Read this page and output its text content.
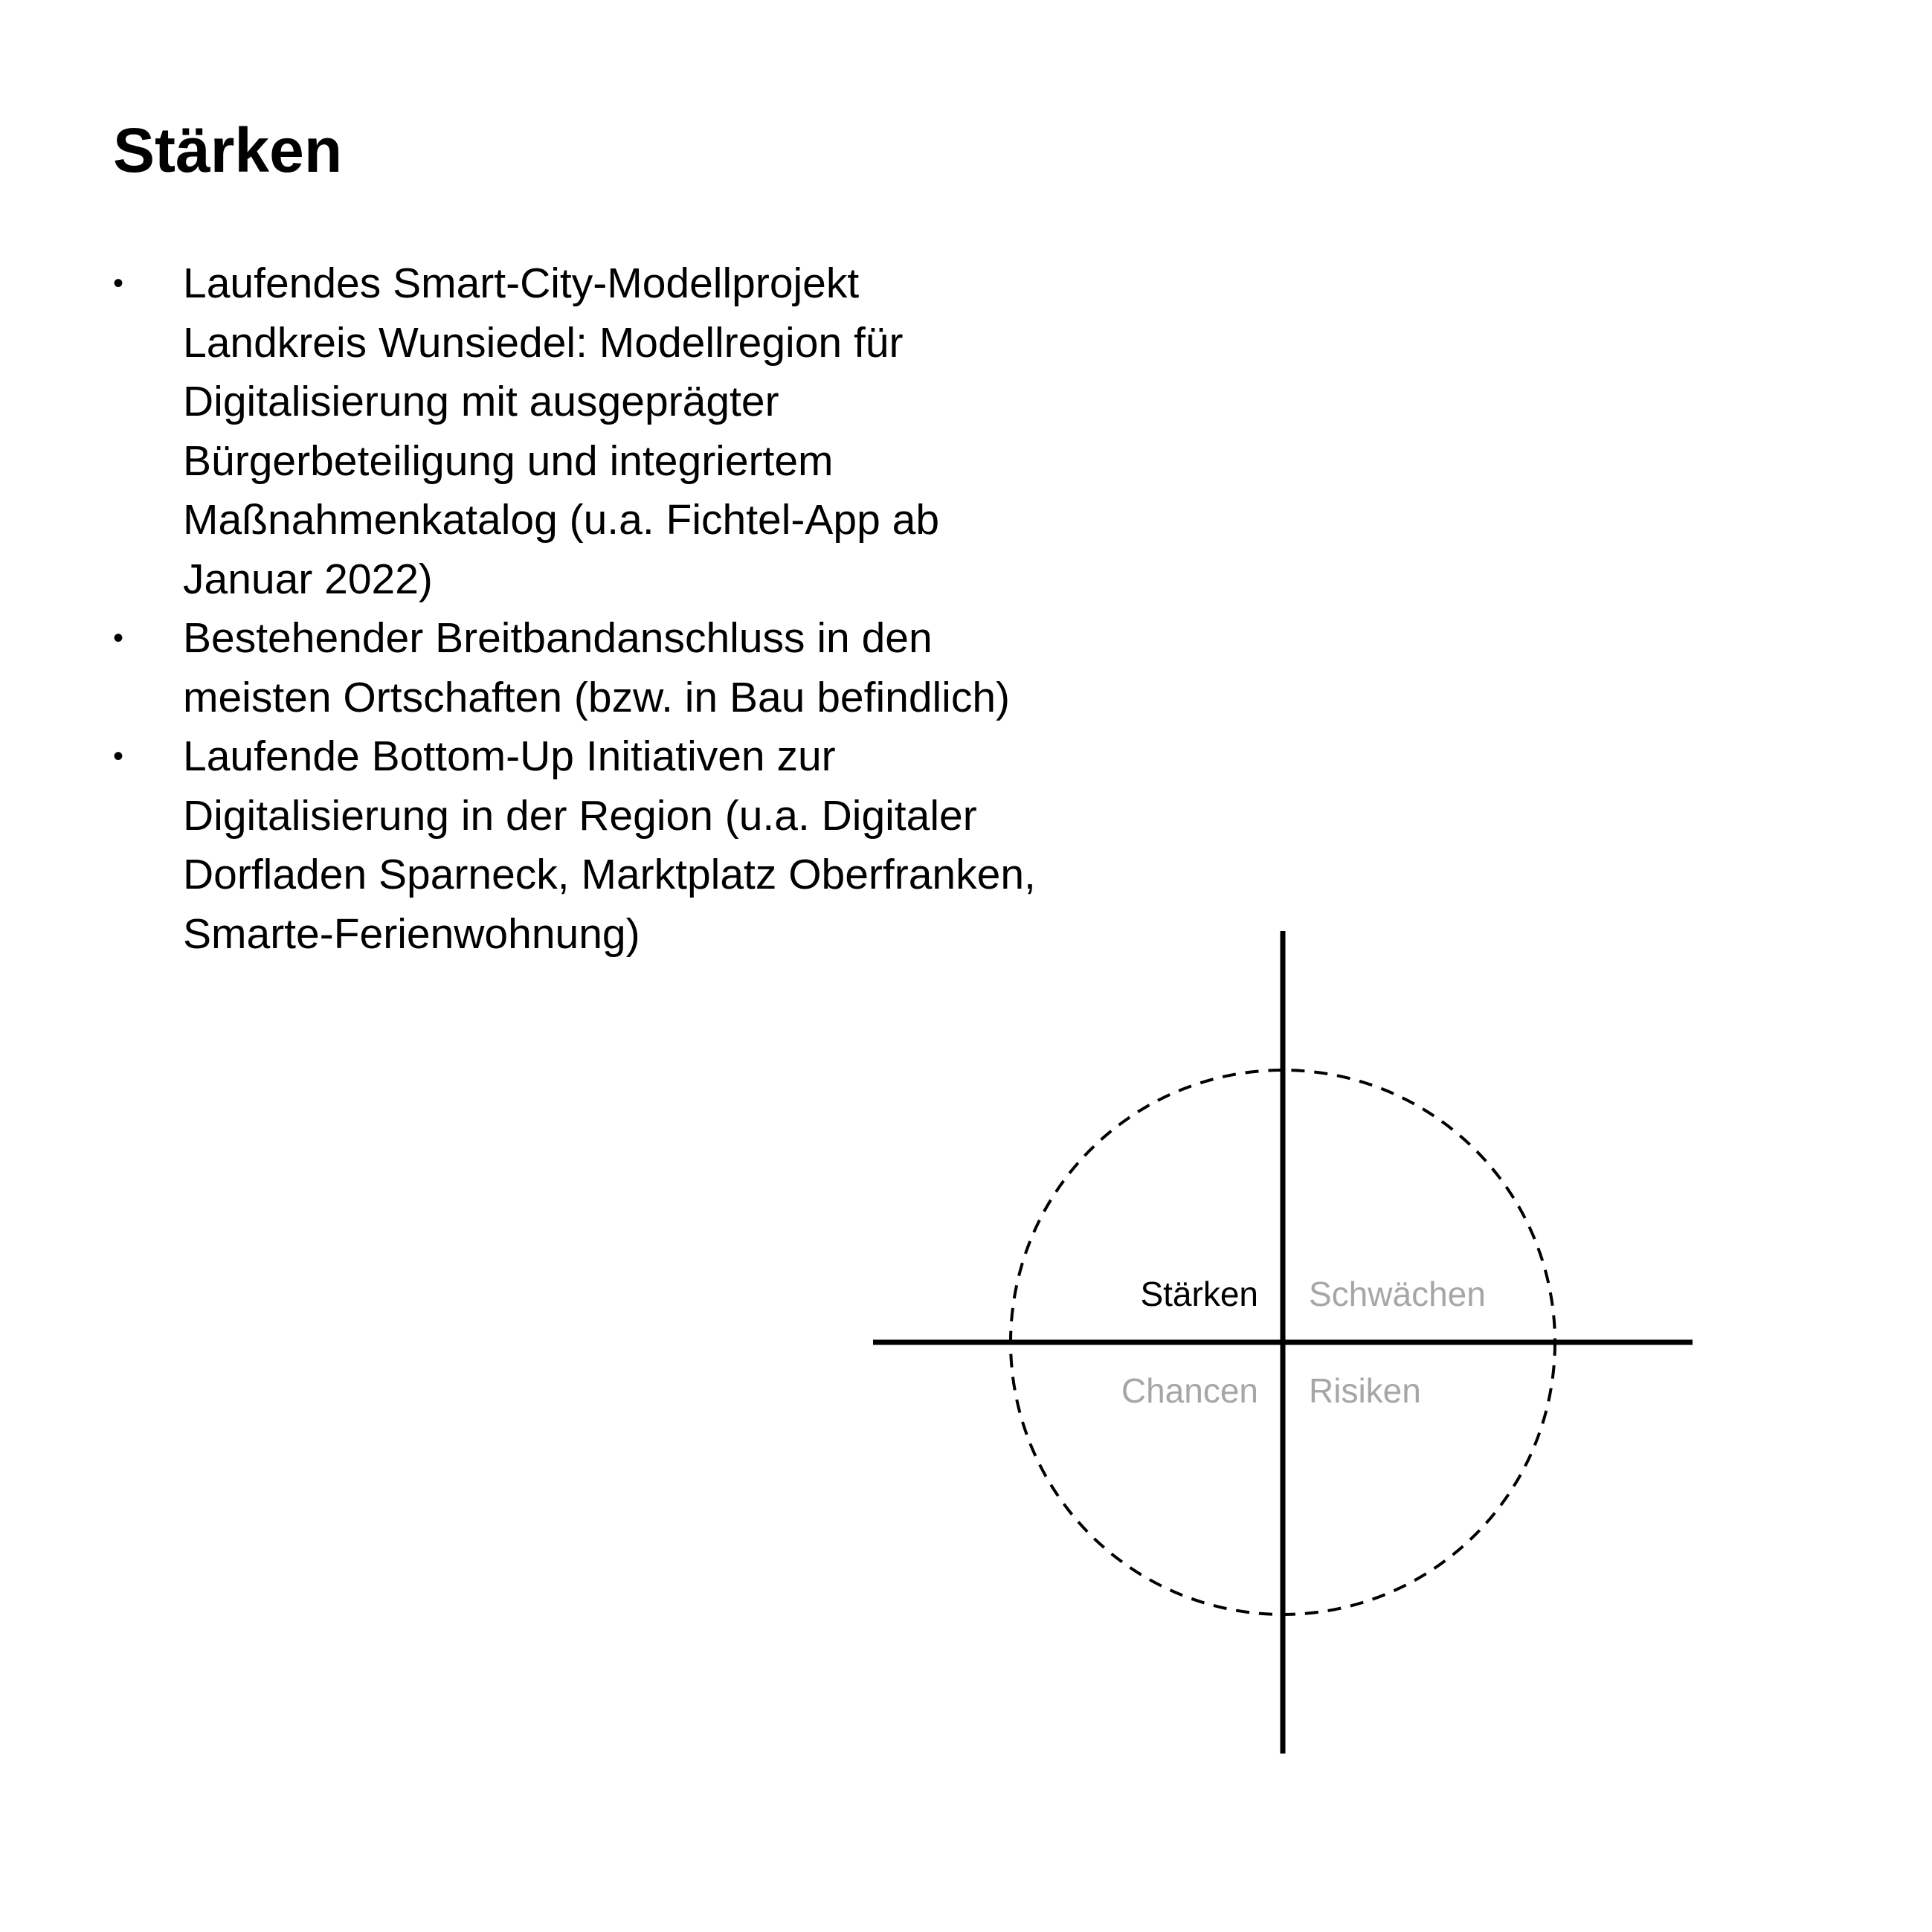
Stärken
• Laufendes Smart-City-Modellprojekt Landkreis Wunsiedel: Modellregion für Digitalisierung mit ausgeprägter Bürgerbeteiligung und integriertem Maßnahmenkatalog (u.a. Fichtel-App ab Januar 2022)
• Bestehender Breitbandanschluss in den meisten Ortschaften (bzw. in Bau befindlich)
• Laufende Bottom-Up Initiativen zur Digitalisierung in der Region (u.a. Digitaler Dorfladen Sparneck, Marktplatz Oberfranken, Smarte-Ferienwohnung)
Stärken Schwächen
Chancen Risiken
